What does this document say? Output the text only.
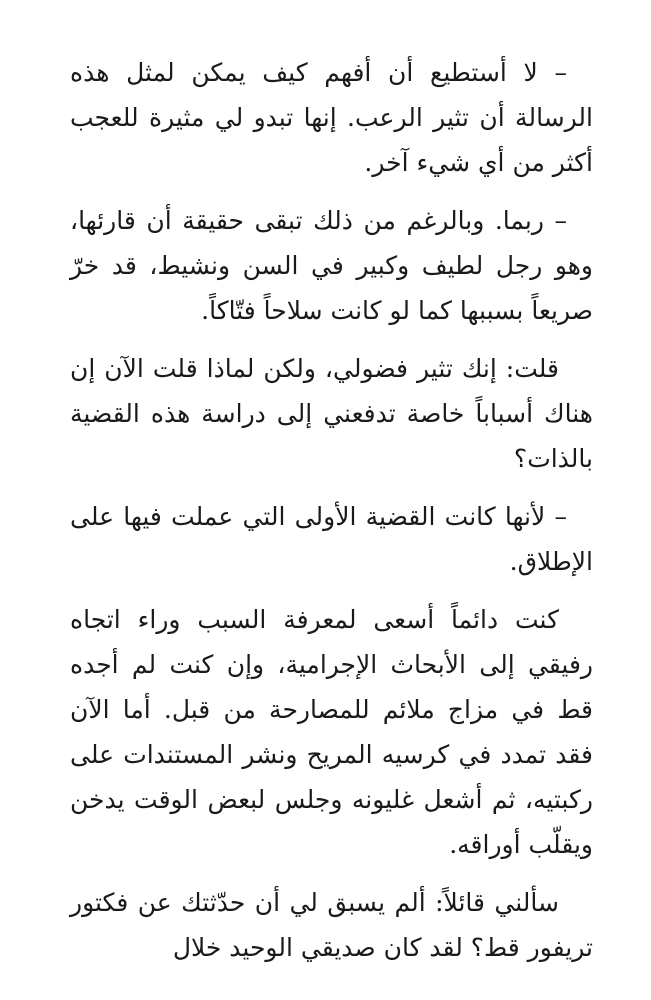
– لا أستطيع أن أفهم كيف يمكن لمثل هذه الرسالة أن تثير الرعب. إنها تبدو لي مثيرة للعجب أكثر من أي شيء آخر.

– ربما. وبالرغم من ذلك تبقى حقيقة أن قارئها، وهو رجل لطيف وكبير في السن ونشيط، قد خرّ صريعاً بسببها كما لو كانت سلاحاً فتّاكاً.

قلت: إنك تثير فضولي، ولكن لماذا قلت الآن إن هناك أسباباً خاصة تدفعني إلى دراسة هذه القضية بالذات؟

– لأنها كانت القضية الأولى التي عملت فيها على الإطلاق.

كنت دائماً أسعى لمعرفة السبب وراء اتجاه رفيقي إلى الأبحاث الإجرامية، وإن كنت لم أجده قط في مزاج ملائم للمصارحة من قبل. أما الآن فقد تمدد في كرسيه المريح ونشر المستندات على ركبتيه، ثم أشعل غليونه وجلس لبعض الوقت يدخن ويقلّب أوراقه.

سألني قائلاً: ألم يسبق لي أن حدّثتك عن فكتور تريفور قط؟ لقد كان صديقي الوحيد خلال
